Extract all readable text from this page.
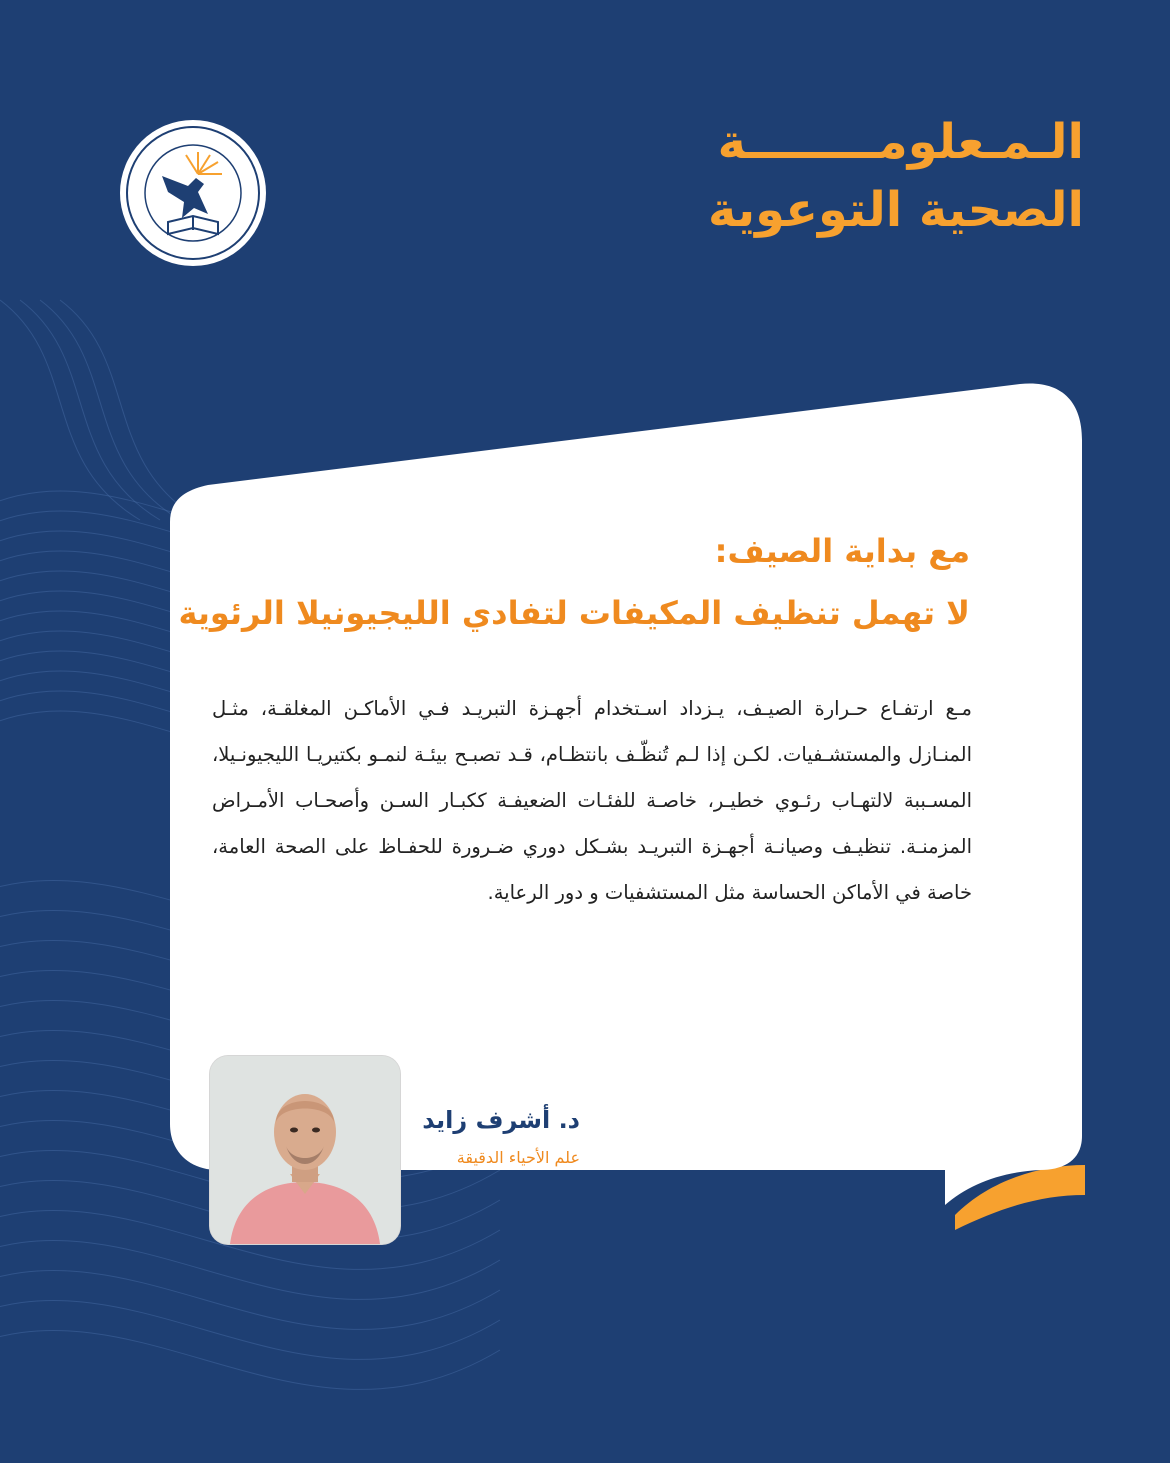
الـمـعلومــــــــة
الصحية التوعوية
مع بداية الصيف:
لا تهمل تنظيف المكيفات لتفادي الليجيونيلا الرئوية
مـع ارتفـاع حـرارة الصيـف، يـزداد اسـتخدام أجهـزة التبريـد فـي الأماكـن المغلقـة، مثـل المنـازل والمستشـفيات. لكـن إذا لـم تُنظّـف بانتظـام، قـد تصبـح بيئـة لنمـو بكتيريـا الليجيونـيلا، المسـببة لالتهـاب رئـوي خطيـر، خاصـة للفئـات الضعيفـة ككبـار السـن وأصحـاب الأمـراض المزمنـة. تنظيـف وصيانـة أجهـزة التبريـد بشـكل دوري ضـرورة للحفـاظ على الصحة العامة، خاصة في الأماكن الحساسة مثل المستشفيات و دور الرعاية.
د. أشرف زايد
علم الأحياء الدقيقة
